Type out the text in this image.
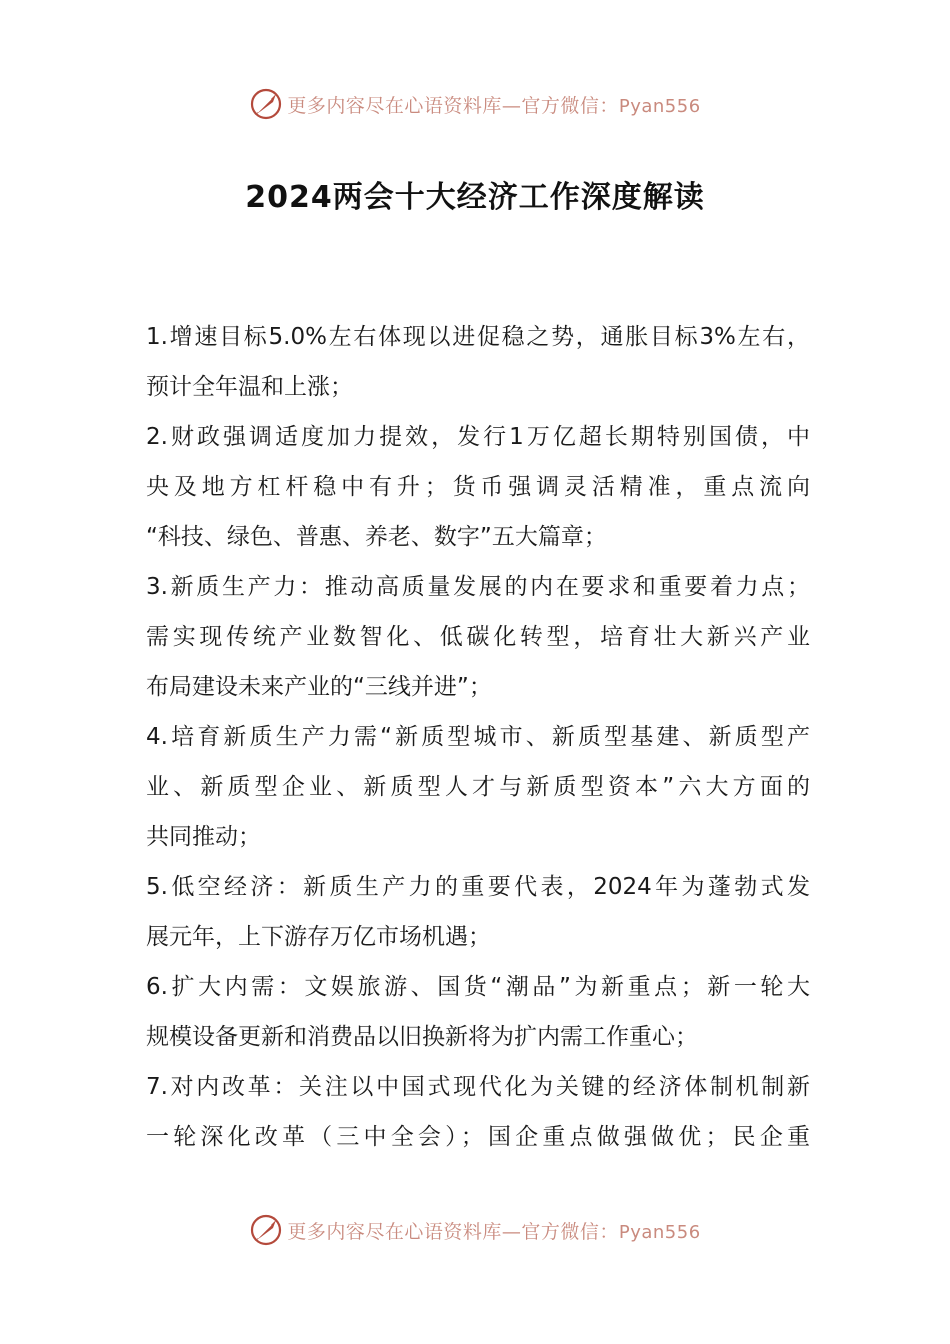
更多内容尽在心语资料库—官方微信：Pyan556
2024两会十大经济工作深度解读
1.增速目标5.0%左右体现以进促稳之势，通胀目标3%左右，
预计全年温和上涨；
2.财政强调适度加力提效，发行1万亿超长期特别国债，中
央及地方杠杆稳中有升；货币强调灵活精准，重点流向
“科技、绿色、普惠、养老、数字”五大篇章；
3.新质生产力：推动高质量发展的内在要求和重要着力点；
需实现传统产业数智化、低碳化转型，培育壮大新兴产业
布局建设未来产业的“三线并进”；
4.培育新质生产力需“新质型城市、新质型基建、新质型产
业、新质型企业、新质型人才与新质型资本”六大方面的
共同推动；
5.低空经济：新质生产力的重要代表，2024年为蓬勃式发
展元年，上下游存万亿市场机遇；
6.扩大内需：文娱旅游、国货“潮品”为新重点；新一轮大
规模设备更新和消费品以旧换新将为扩内需工作重心；
7.对内改革：关注以中国式现代化为关键的经济体制机制新
一轮深化改革（三中全会）；国企重点做强做优；民企重
更多内容尽在心语资料库—官方微信：Pyan556
